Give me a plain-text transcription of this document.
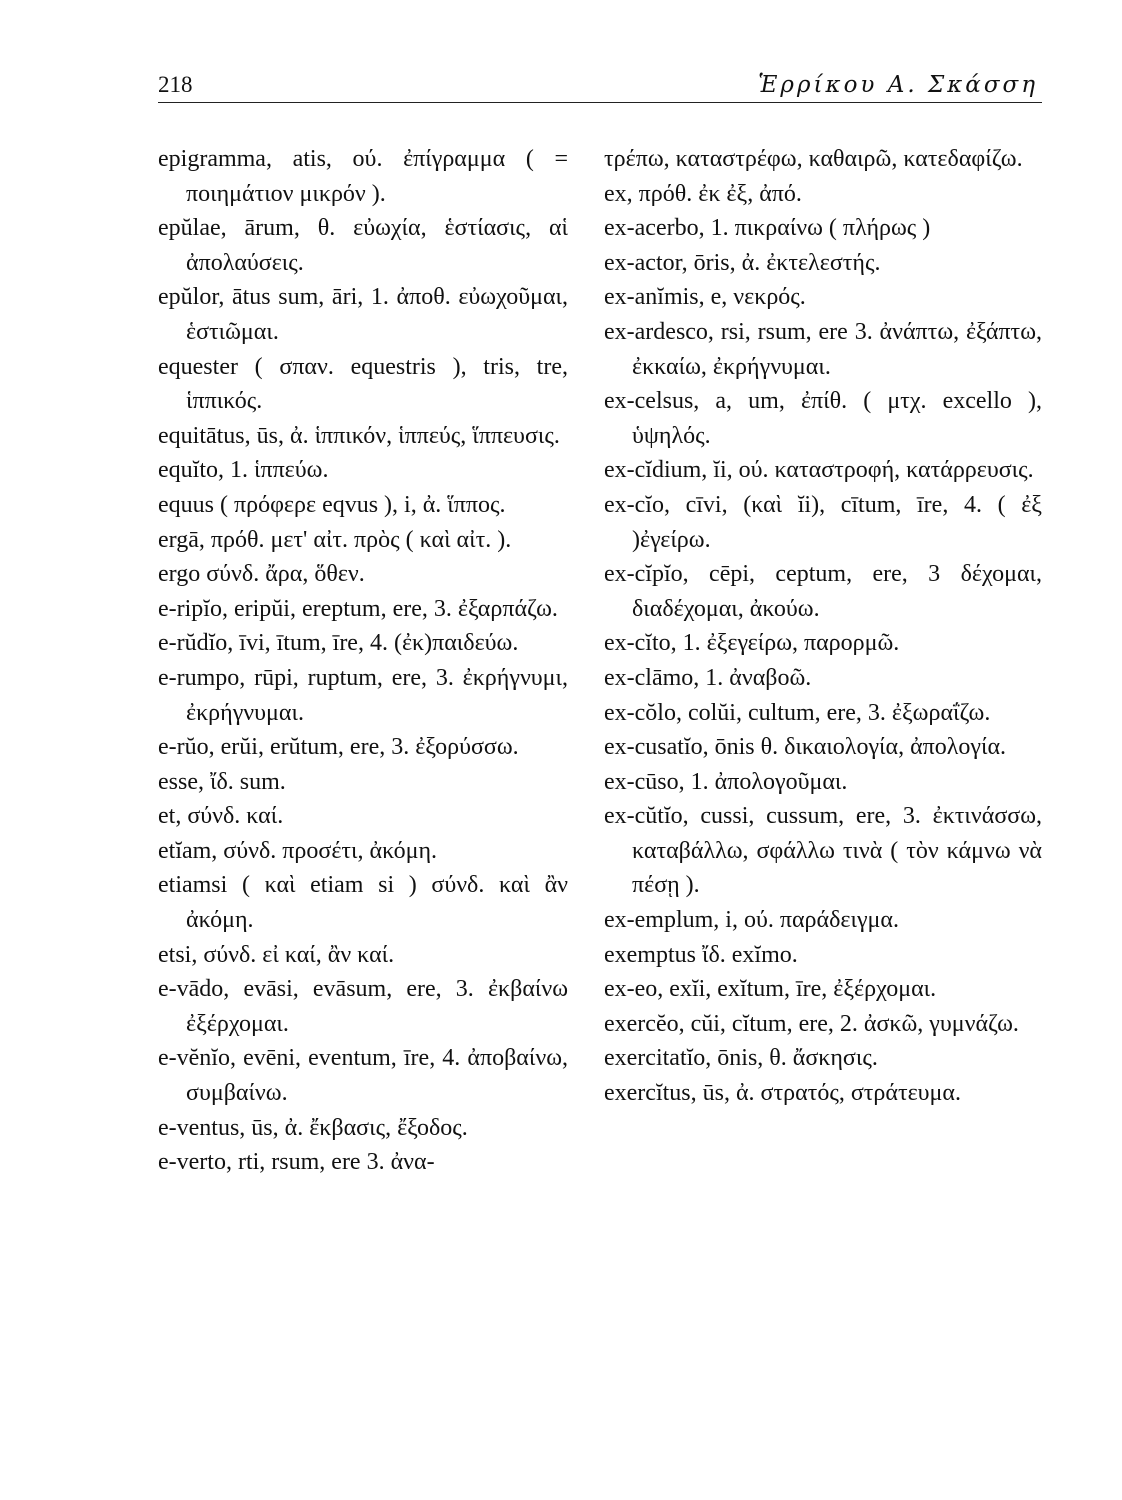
218	Ἑρρίκου Α. Σκάσση
epigramma, atis, ού. ἐπίγραμμα ( = ποιημάτιον μικρόν ).
epŭlae, ārum, θ. εὐωχία, ἑστίασις, αἱ ἀπολαύσεις.
epŭlor, ātus sum, āri, 1. ἀποθ. εὐωχοῦμαι, ἑστιῶμαι.
equester ( σπαν. equestris ), tris, tre, ἱππικός.
equitātus, ūs, ἀ. ἱππικόν, ἱππεύς, ἵππευσις.
equĭto, 1. ἱππεύω.
equus ( πρόφερε eqvus ), i, ἀ. ἵππος.
ergā, πρόθ. μετ' αἰτ. πρὸς ( καὶ αἰτ. ).
ergo σύνδ. ἄρα, ὅθεν.
e-ripĭo, eripŭi, ereptum, ere, 3. ἐξαρπάζω.
e-rŭdĭo, īvi, ītum, īre, 4. (ἐκ)παιδεύω.
e-rumpo, rūpi, ruptum, ere, 3. ἐκρήγνυμι, ἐκρήγνυμαι.
e-rŭo, erŭi, erŭtum, ere, 3. ἐξορύσσω.
esse, ἴδ. sum.
et, σύνδ. καί.
etĭam, σύνδ. προσέτι, ἀκόμη.
etiamsi ( καὶ etiam si ) σύνδ. καὶ ἂν ἀκόμη.
etsi, σύνδ. εἰ καί, ἂν καί.
e-vādo, evāsi, evāsum, ere, 3. ἐκβαίνω ἐξέρχομαι.
e-vĕnĭo, evēni, eventum, īre, 4. ἀποβαίνω, συμβαίνω.
e-ventus, ūs, ἀ. ἔκβασις, ἔξοδος.
e-verto, rti, rsum, ere 3. ἀνα-
τρέπω, καταστρέφω, καθαιρῶ, κατεδαφίζω.
ex, πρόθ. ἐκ ἐξ, ἀπό.
ex-acerbo, 1. πικραίνω ( πλήρως )
ex-actor, ōris, ἀ. ἐκτελεστής.
ex-anĭmis, e, νεκρός.
ex-ardesco, rsi, rsum, ere 3. ἀνάπτω, ἐξάπτω, ἐκκαίω, ἐκρήγνυμαι.
ex-celsus, a, um, ἐπίθ. ( μτχ. excello ), ὑψηλός.
ex-cĭdium, ĭi, ού. καταστροφή, κατάρρευσις.
ex-cĭo, cīvi, (καὶ ĭi), cītum, īre, 4. ( ἐξ )ἐγείρω.
ex-cĭpĭo, cēpi, ceptum, ere, 3 δέχομαι, διαδέχομαι, ἀκούω.
ex-cĭto, 1. ἐξεγείρω, παρορμῶ.
ex-clāmo, 1. ἀναβοῶ.
ex-cŏlo, colŭi, cultum, ere, 3. ἐξωραΐζω.
ex-cusatĭo, ōnis θ. δικαιολογία, ἀπολογία.
ex-cūso, 1. ἀπολογοῦμαι.
ex-cŭtĭo, cussi, cussum, ere, 3. ἐκτινάσσω, καταβάλλω, σφάλλω τινὰ ( τὸν κάμνω νὰ πέσῃ ).
ex-emplum, i, ού. παράδειγμα.
exemptus ἴδ. exĭmo.
ex-eo, exĭi, exĭtum, īre, ἐξέρχομαι.
exercĕo, cŭi, cĭtum, ere, 2. ἀσκῶ, γυμνάζω.
exercitatĭo, ōnis, θ. ἄσκησις.
exercĭtus, ūs, ἀ. στρατός, στράτευμα.
